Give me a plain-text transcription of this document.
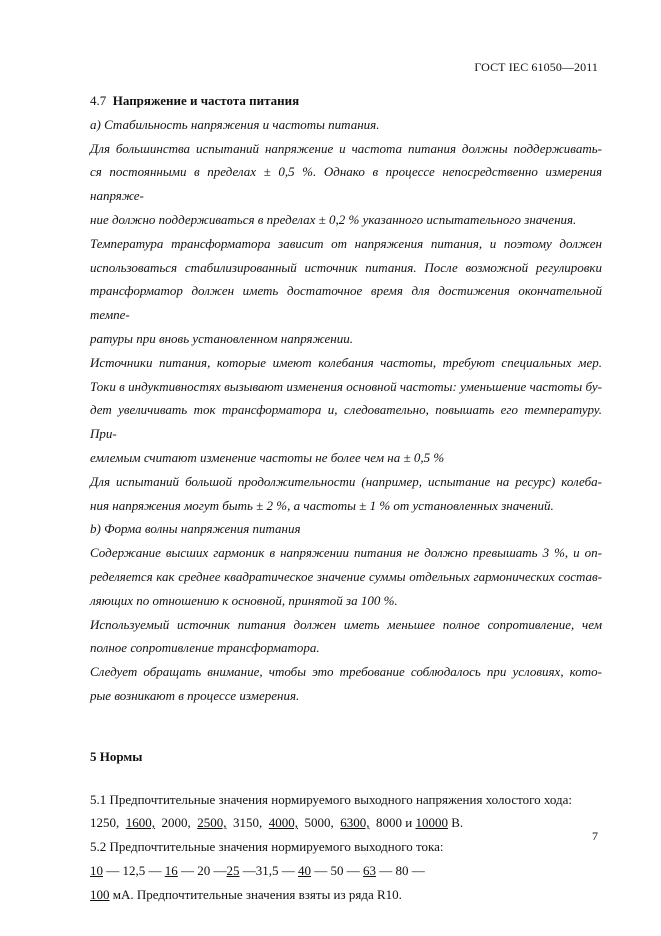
ГОСТ IEC 61050—2011

4.7 Напряжение и частота питания

a) Стабильность напряжения и частоты питания.

Для большинства испытаний напряжение и частота питания должны поддерживать-
ся постоянными в пределах ± 0,5 %. Однако в процессе непосредственно измерения напряже-
ние должно поддерживаться в пределах ± 0,2 % указанного испытательного значения.

Температура трансформатора зависит от напряжения питания, и поэтому должен
использоваться стабилизированный источник питания. После возможной регулировки
трансформатор должен иметь достаточное время для достижения окончательной темпе-
ратуры при вновь установленном напряжении.

Источники питания, которые имеют колебания частоты, требуют специальных мер.
Токи в индуктивностях вызывают изменения основной частоты: уменьшение частоты бу-
дет увеличивать ток трансформатора и, следовательно, повышать его температуру. При-
емлемым считают изменение частоты не более чем на ± 0,5 %

Для испытаний большой продолжительности (например, испытание на ресурс) колеба-
ния напряжения могут быть ± 2 %, а частоты ± 1 % от установленных значений.

b) Форма волны напряжения питания

Содержание высших гармоник в напряжении питания не должно превышать 3 %, и оп-
ределяется как среднее квадратическое значение суммы отдельных гармонических состав-
ляющих по отношению к основной, принятой за 100 %.

Используемый источник питания должен иметь меньшее полное сопротивление, чем
полное сопротивление трансформатора.

Следует обращать внимание, чтобы это требование соблюдалось при условиях, кото-
рые возникают в процессе измерения.

5 Нормы

5.1 Предпочтительные значения нормируемого выходного напряжения холостого хода:

1250, 1600, 2000, 2500, 3150, 4000, 5000, 6300, 8000 и 10000 В.

5.2 Предпочтительные значения нормируемого выходного тока:

10 — 12,5 — 16 — 20 —25 —31,5 — 40 — 50 — 63 — 80 —

100 мА. Предпочтительные значения взяты из ряда R10.

7
